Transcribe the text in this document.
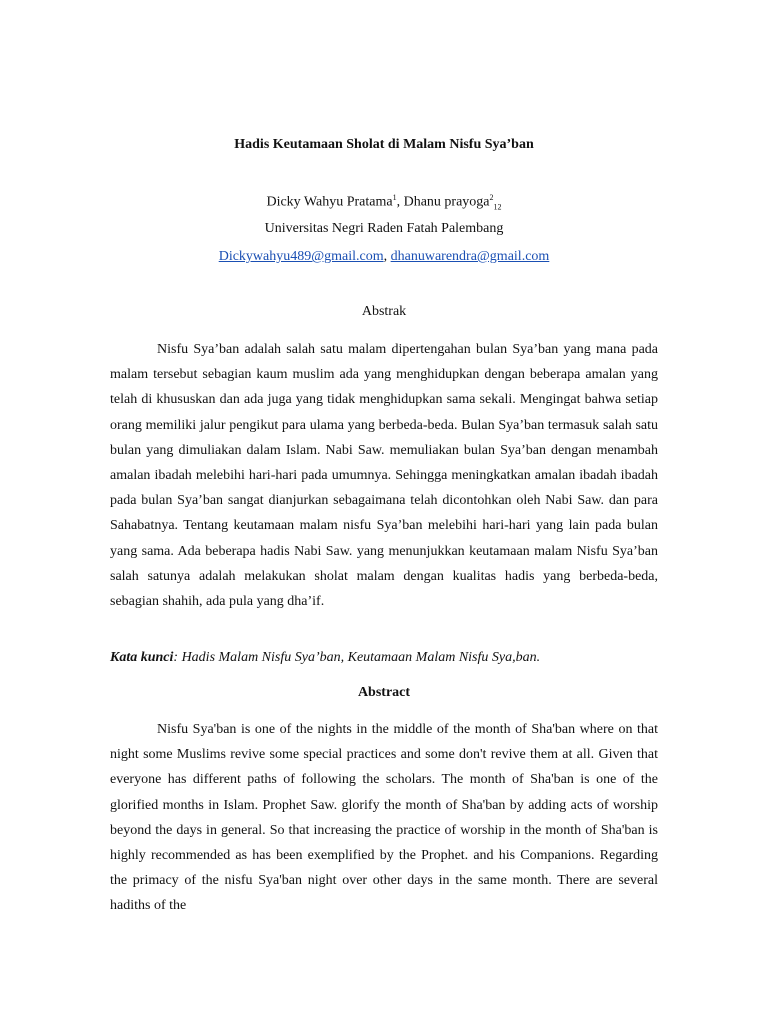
Hadis Keutamaan Sholat di Malam Nisfu Sya’ban
Dicky Wahyu Pratama$^1$, Dhanu prayoga$^2_{12}$
Universitas Negri Raden Fatah Palembang
Dickywahyu489@gmail.com, dhanuwarendra@gmail.com
Abstrak

Nisfu Sya’ban adalah salah satu malam dipertengahan bulan Sya’ban yang mana pada malam tersebut sebagian kaum muslim ada yang menghidupkan dengan beberapa amalan yang telah di khususkan dan ada juga yang tidak menghidupkan sama sekali. Mengingat bahwa setiap orang memiliki jalur pengikut para ulama yang berbeda-beda. Bulan Sya’ban termasuk salah satu bulan yang dimuliakan dalam Islam. Nabi Saw. memuliakan bulan Sya’ban dengan menambah amalan ibadah melebihi hari-hari pada umumnya. Sehingga meningkatkan amalan ibadah ibadah pada bulan Sya’ban sangat dianjurkan sebagaimana telah dicontohkan oleh Nabi Saw. dan para Sahabatnya. Tentang keutamaan malam nisfu Sya’ban melebihi hari-hari yang lain pada bulan yang sama. Ada beberapa hadis Nabi Saw. yang menunjukkan keutamaan malam Nisfu Sya’ban salah satunya adalah melakukan sholat malam dengan kualitas hadis yang berbeda-beda, sebagian shahih, ada pula yang dha’if.

Kata kunci: Hadis Malam Nisfu Sya’ban, Keutamaan Malam Nisfu Sya,ban.
Abstract

Nisfu Sya'ban is one of the nights in the middle of the month of Sha'ban where on that night some Muslims revive some special practices and some don't revive them at all. Given that everyone has different paths of following the scholars. The month of Sha'ban is one of the glorified months in Islam. Prophet Saw. glorify the month of Sha'ban by adding acts of worship beyond the days in general. So that increasing the practice of worship in the month of Sha'ban is highly recommended as has been exemplified by the Prophet. and his Companions. Regarding the primacy of the nisfu Sya'ban night over other days in the same month. There are several hadiths of the
